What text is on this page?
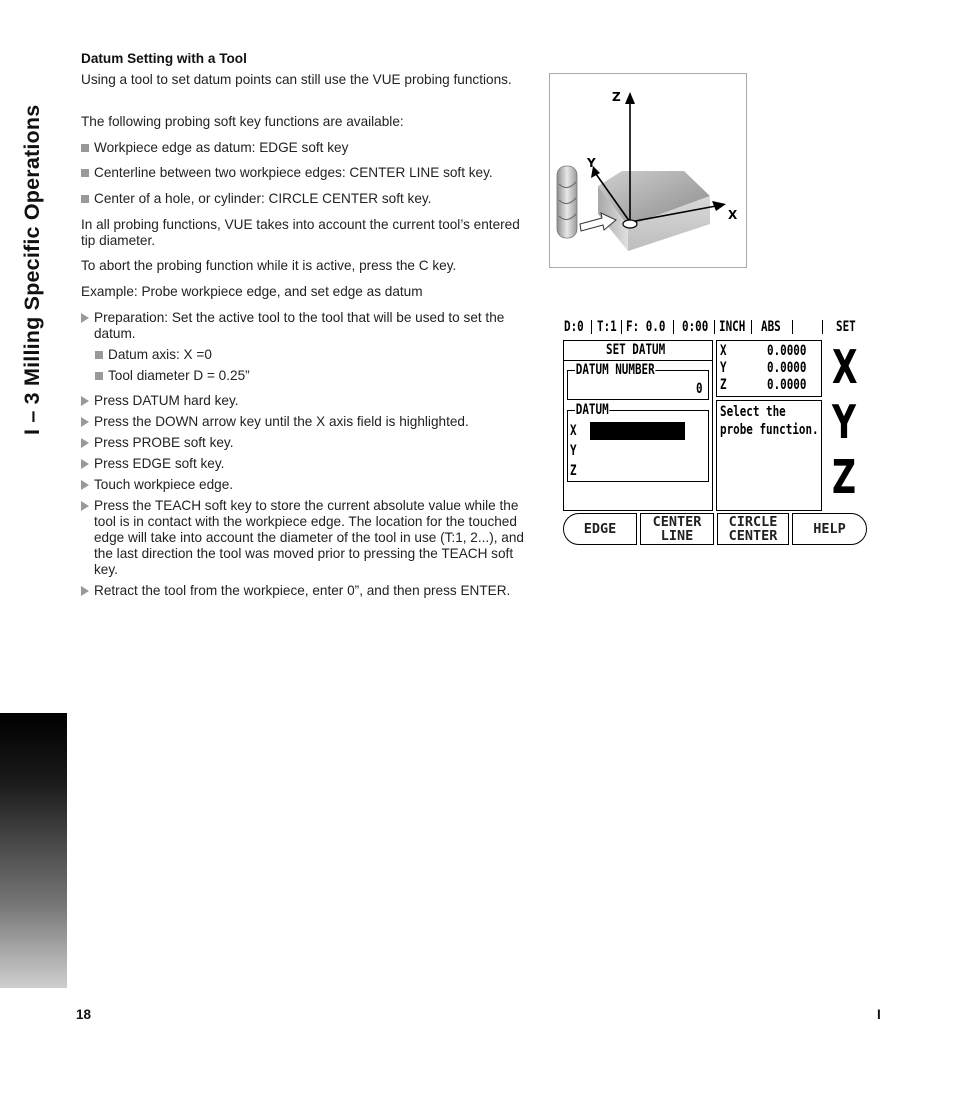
I – 3 Milling Specific Operations
Datum Setting with a Tool
Using a tool to set datum points can still use the VUE probing functions.
The following probing soft key functions are available:
Workpiece edge as datum: EDGE soft key
Centerline between two workpiece edges: CENTER LINE soft key.
Center of a hole, or cylinder: CIRCLE CENTER soft key.
In all probing functions, VUE takes into account the current tool’s entered tip diameter.
To abort the probing function while it is active, press the C key.
Example: Probe workpiece edge, and set edge as datum
Preparation: Set the active tool to the tool that will be used to set the datum.
Datum axis: X =0
Tool diameter D = 0.25”
Press DATUM hard key.
Press the DOWN arrow key until the X axis field is highlighted.
Press PROBE soft key.
Press EDGE soft key.
Touch workpiece edge.
Press the TEACH soft key to store the current absolute value while the tool is in contact with the workpiece edge. The location for the touched edge will take into account the diameter of the tool in use (T:1, 2...), and the last direction the tool was moved prior to pressing the TEACH soft key.
Retract the tool from the workpiece, enter 0”, and then press ENTER.
Z
Y
X
D:0 T:1 F: 0.0 0:00 INCH ABS	SET
SET DATUM
DATUM NUMBER
0
DATUM
X
Y
Z
X	0.0000
Y	0.0000
Z	0.0000
Select the
probe function.
X
Y
Z
EDGE	CENTER
LINE
CIRCLE
CENTER	HELP
18	I
